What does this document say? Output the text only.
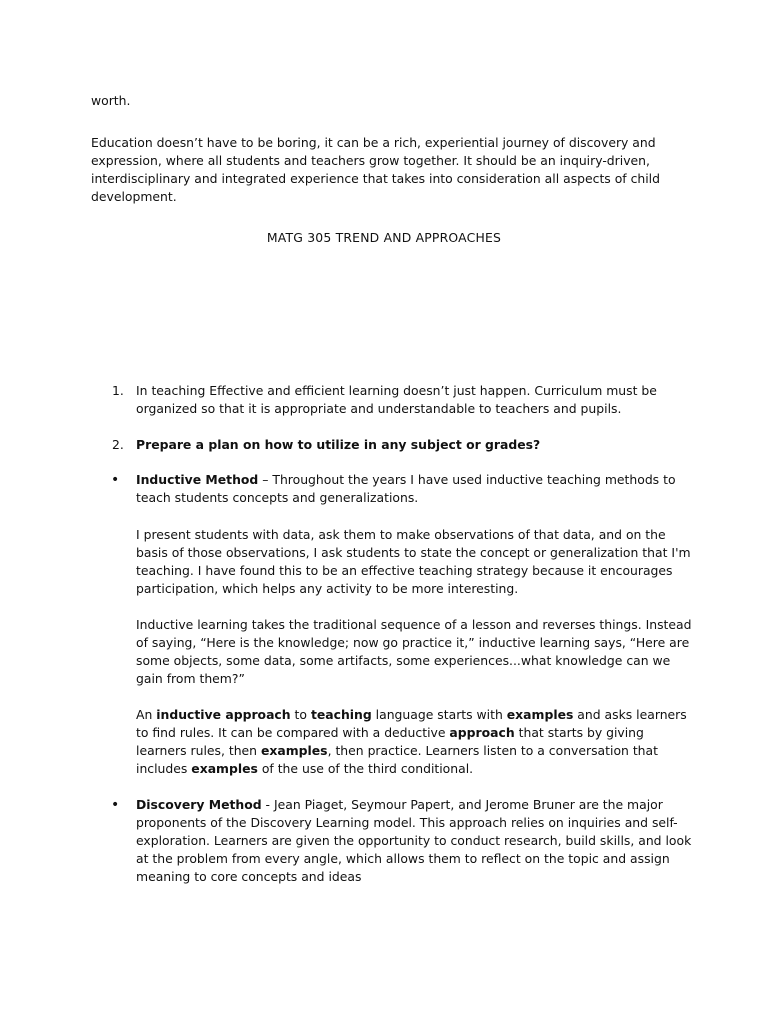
worth.

Education doesn’t have to be boring, it can be a rich, experiential journey of discovery and expression, where all students and teachers grow together. It should be an inquiry-driven, interdisciplinary and integrated experience that takes into consideration all aspects of child development.

MATG 305 TREND AND APPROACHES

1. In teaching Effective and efficient learning doesn’t just happen. Curriculum must be organized so that it is appropriate and understandable to teachers and pupils.

2. Prepare a plan on how to utilize in any subject or grades?

• Inductive Method – Throughout the years I have used inductive teaching methods to teach students concepts and generalizations.

I present students with data, ask them to make observations of that data, and on the basis of those observations, I ask students to state the concept or generalization that I'm teaching. I have found this to be an effective teaching strategy because it encourages participation, which helps any activity to be more interesting.

Inductive learning takes the traditional sequence of a lesson and reverses things. Instead of saying, “Here is the knowledge; now go practice it,” inductive learning says, “Here are some objects, some data, some artifacts, some experiences...what knowledge can we gain from them?”

An inductive approach to teaching language starts with examples and asks learners to find rules. It can be compared with a deductive approach that starts by giving learners rules, then examples, then practice. Learners listen to a conversation that includes examples of the use of the third conditional.

• Discovery Method - Jean Piaget, Seymour Papert, and Jerome Bruner are the major proponents of the Discovery Learning model. This approach relies on inquiries and self-exploration. Learners are given the opportunity to conduct research, build skills, and look at the problem from every angle, which allows them to reflect on the topic and assign meaning to core concepts and ideas
